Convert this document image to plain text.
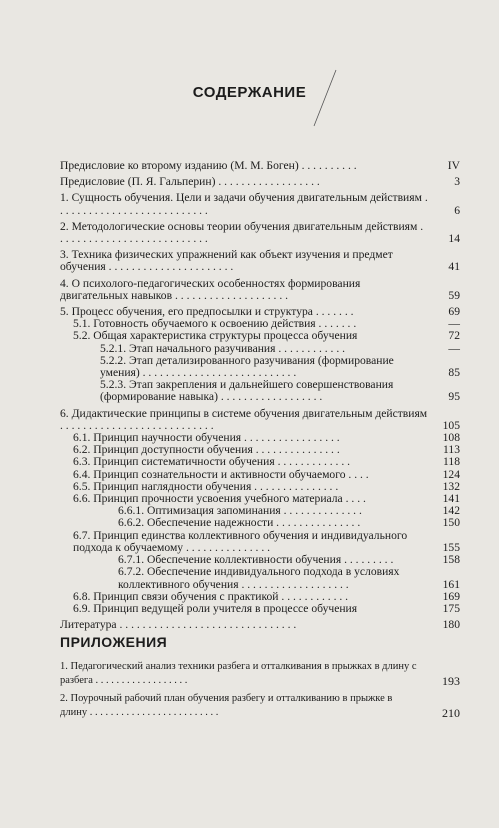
СОДЕРЖАНИЕ
Предисловие ко второму изданию (М. М. Боген) . . . . . . . . . .	IV
Предисловие (П. Я. Гальперин) . . . . . . . . . . . . . . . . . .	3
1. Сущность обучения. Цели и задачи обучения двигательным действиям . . . . . . . . . . . . . . . . . . . . . . . . . . .	6
2. Методологические основы теории обучения двигательным действиям . . . . . . . . . . . . . . . . . . . . . . . . . . .	14
3. Техника физических упражнений как объект изучения и предмет обучения . . . . . . . . . . . . . . . . . . . . . .	41
4. О психолого-педагогических особенностях формирования двигательных навыков . . . . . . . . . . . . . . . . . . . .	59
5. Процесс обучения, его предпосылки и структура . . . . . . .	69
5.1. Готовность обучаемого к освоению действия . . . . . . .	—
5.2. Общая характеристика структуры процесса обучения	72
5.2.1. Этап начального разучивания . . . . . . . . . . . .	—
5.2.2. Этап детализированного разучивания (формирование умения) . . . . . . . . . . . . . . . . . . . . . . . . . . .	85
5.2.3. Этап закрепления и дальнейшего совершенствования (формирование навыка) . . . . . . . . . . . . . . . . . .	95
6. Дидактические принципы в системе обучения двигательным действиям . . . . . . . . . . . . . . . . . . . . . . . . . . .	105
6.1. Принцип научности обучения . . . . . . . . . . . . . . . . .	108
6.2. Принцип доступности обучения . . . . . . . . . . . . . . .	113
6.3. Принцип систематичности обучения . . . . . . . . . . . . .	118
6.4. Принцип сознательности и активности обучаемого . . . .	124
6.5. Принцип наглядности обучения . . . . . . . . . . . . . . .	132
6.6. Принцип прочности усвоения учебного материала . . . .	141
6.6.1. Оптимизация запоминания . . . . . . . . . . . . . .	142
6.6.2. Обеспечение надежности . . . . . . . . . . . . . . .	150
6.7. Принцип единства коллективного обучения и индивидуального подхода к обучаемому . . . . . . . . . . . . . . .	155
6.7.1. Обеспечение коллективности обучения . . . . . . . . .	158
6.7.2. Обеспечение индивидуального подхода в условиях коллективного обучения . . . . . . . . . . . . . . . . . . .	161
6.8. Принцип связи обучения с практикой . . . . . . . . . . . .	169
6.9. Принцип ведущей роли учителя в процессе обучения	175
Литература . . . . . . . . . . . . . . . . . . . . . . . . . . . . . . .	180
ПРИЛОЖЕНИЯ
1. Педагогический анализ техники разбега и отталкивания в прыжках в длину с разбега . . . . . . . . . . . . . . . . . .	193
2. Поурочный рабочий план обучения разбегу и отталкиванию в прыжке в длину . . . . . . . . . . . . . . . . . . . . . . . . .	210
